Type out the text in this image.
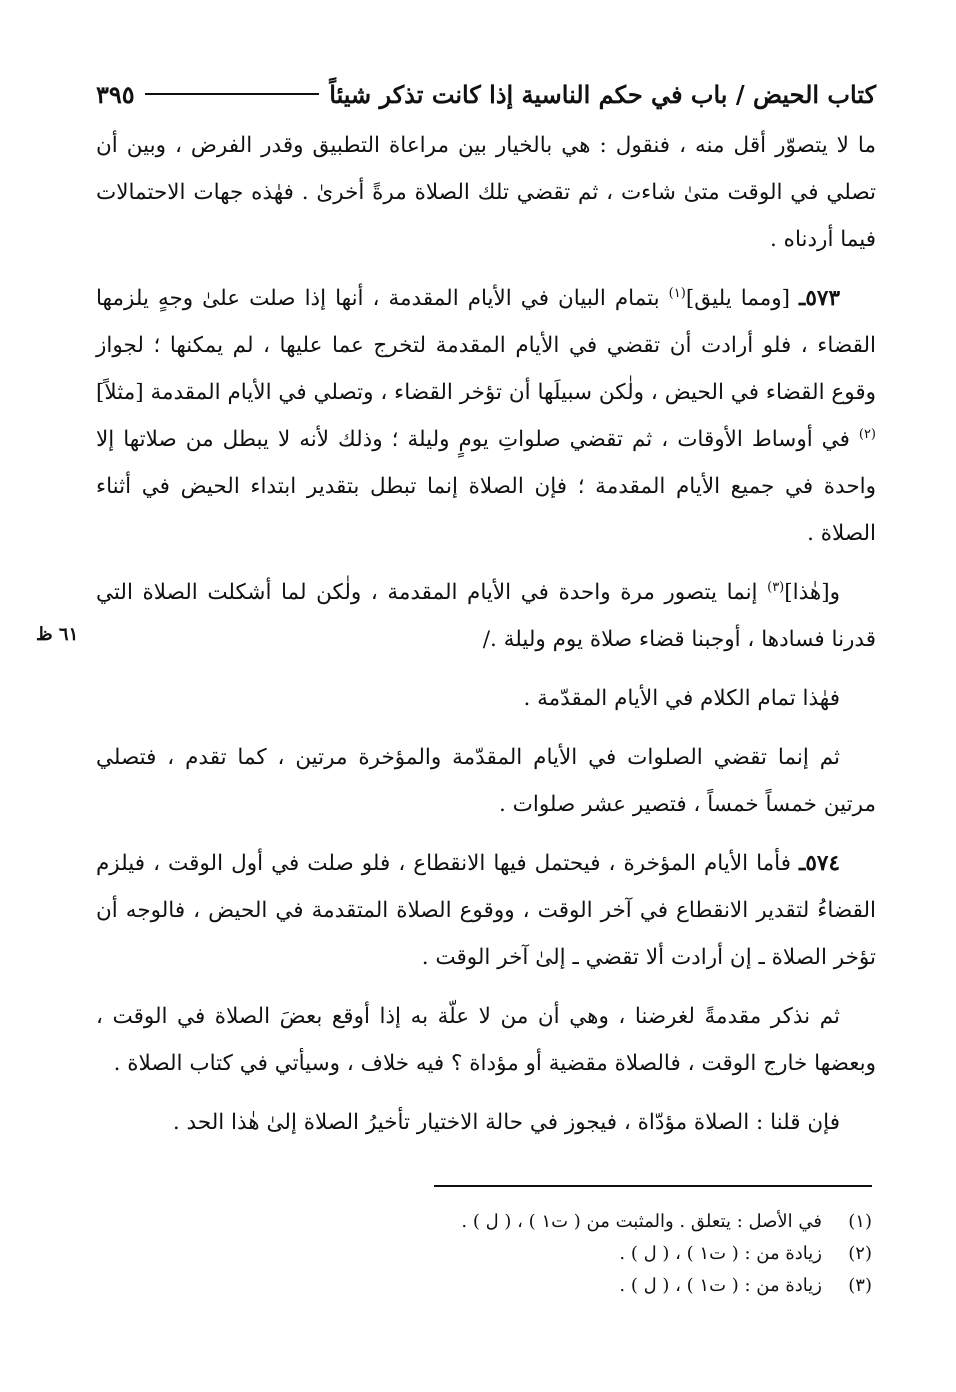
كتاب الحيض / باب في حكم الناسية إذا كانت تذكر شيئاً
٣٩٥
٦١ ظ

ما لا يتصوّر أقل منه ، فنقول : هي بالخيار بين مراعاة التطبيق وقدر الفرض ، وبين أن تصلي في الوقت متىٰ شاءت ، ثم تقضي تلك الصلاة مرةً أخرىٰ . فهٰذه جهات الاحتمالات فيما أردناه .

٥٧٣ـ [ومما يليق]$^{(١)}$ بتمام البيان في الأيام المقدمة ، أنها إذا صلت علىٰ وجهٍ يلزمها القضاء ، فلو أرادت أن تقضي في الأيام المقدمة لتخرج عما عليها ، لم يمكنها ؛ لجواز وقوع القضاء في الحيض ، ولٰكن سبيلَها أن تؤخر القضاء ، وتصلي في الأيام المقدمة [مثلاً]$^{(٢)}$ في أوساط الأوقات ، ثم تقضي صلواتِ يومٍ وليلة ؛ وذلك لأنه لا يبطل من صلاتها إلا واحدة في جميع الأيام المقدمة ؛ فإن الصلاة إنما تبطل بتقدير ابتداء الحيض في أثناء الصلاة .

و[هٰذا]$^{(٣)}$ إنما يتصور مرة واحدة في الأيام المقدمة ، ولٰكن لما أشكلت الصلاة التي قدرنا فسادها ، أوجبنا قضاء صلاة يوم وليلة ./

فهٰذا تمام الكلام في الأيام المقدّمة .

ثم إنما تقضي الصلوات في الأيام المقدّمة والمؤخرة مرتين ، كما تقدم ، فتصلي مرتين خمساً خمساً ، فتصير عشر صلوات .

٥٧٤ـ فأما الأيام المؤخرة ، فيحتمل فيها الانقطاع ، فلو صلت في أول الوقت ، فيلزم القضاءُ لتقدير الانقطاع في آخر الوقت ، ووقوع الصلاة المتقدمة في الحيض ، فالوجه أن تؤخر الصلاة ـ إن أرادت ألا تقضي ـ إلىٰ آخر الوقت .

ثم نذكر مقدمةً لغرضنا ، وهي أن من لا علّة به إذا أوقع بعضَ الصلاة في الوقت ، وبعضها خارج الوقت ، فالصلاة مقضية أو مؤداة ؟ فيه خلاف ، وسيأتي في كتاب الصلاة .

فإن قلنا : الصلاة مؤدّاة ، فيجوز في حالة الاختيار تأخيرُ الصلاة إلىٰ هٰذا الحد .

(١)
في الأصل : يتعلق . والمثبت من ( ت١ ) ، ( ل ) .
(٢)
زيادة من : ( ت١ ) ، ( ل ) .
(٣)
زيادة من : ( ت١ ) ، ( ل ) .
